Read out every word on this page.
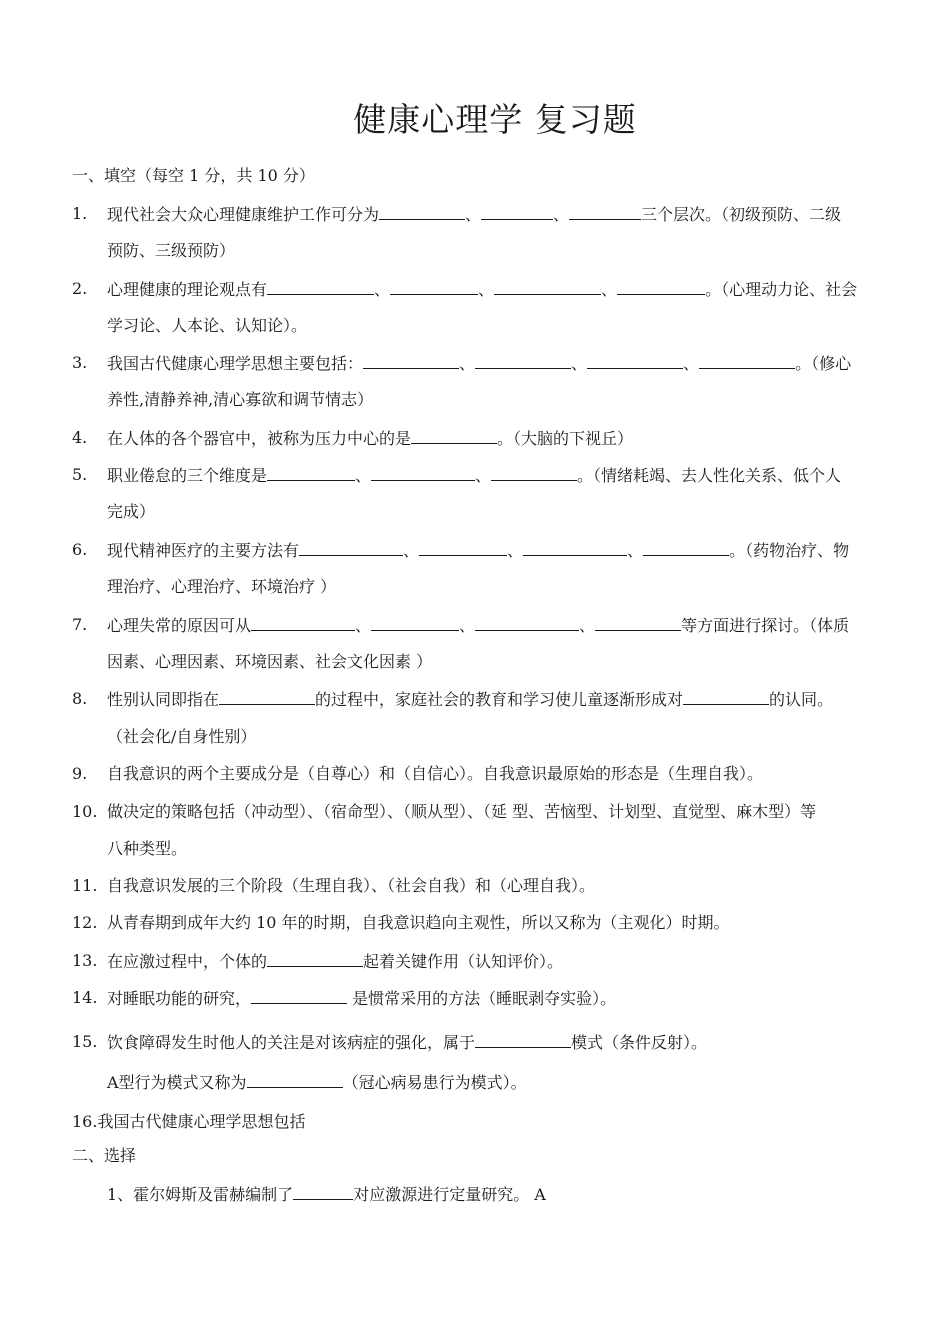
健康心理学 复习题
一、填空（每空 1 分，共 10 分）
1.	现代社会大众心理健康维护工作可分为	、	、	三个层次。（初级预防、二级
预防、三级预防）
2.	心理健康的理论观点有	、	、	、	。（心理动力论、社会
学习论、人本论、认知论）。
3.	我国古代健康心理学思想主要包括：	、	、	、	。（修心
养性,清静养神,清心寡欲和调节情志）
4.	在人体的各个器官中，被称为压力中心的是	。（大脑的下视丘）
5.	职业倦怠的三个维度是	、	、	。（情绪耗竭、去人性化关系、低个人
完成）
6.	现代精神医疗的主要方法有	、	、	、	。（药物治疗、物
理治疗、心理治疗、环境治疗 ）
7.	心理失常的原因可从	、	、	、	等方面进行探讨。（体质
因素、心理因素、环境因素、社会文化因素 ）
8.	性别认同即指在	的过程中，家庭社会的教育和学习使儿童逐渐形成对	的认同。
（社会化/自身性别）
9.	自我意识的两个主要成分是（自尊心）和（自信心）。自我意识最原始的形态是（生理自我）。
10. 做决定的策略包括（冲动型）、（宿命型）、（顺从型）、（延 型、苦恼型、计划型、直觉型、麻木型）等
八种类型。
11. 自我意识发展的三个阶段（生理自我）、（社会自我）和（心理自我）。
12. 从青春期到成年大约 10 年的时期，自我意识趋向主观性，所以又称为（主观化）时期。
13. 在应激过程中，个体的	起着关键作用（认知评价）。
14. 对睡眠功能的研究，	是惯常采用的方法（睡眠剥夺实验）。
15. 饮食障碍发生时他人的关注是对该病症的强化，属于	模式（条件反射）。
A型行为模式又称为	（冠心病易患行为模式）。
16.我国古代健康心理学思想包括
二、选择
1、霍尔姆斯及雷赫编制了	对应激源进行定量研究。 A
